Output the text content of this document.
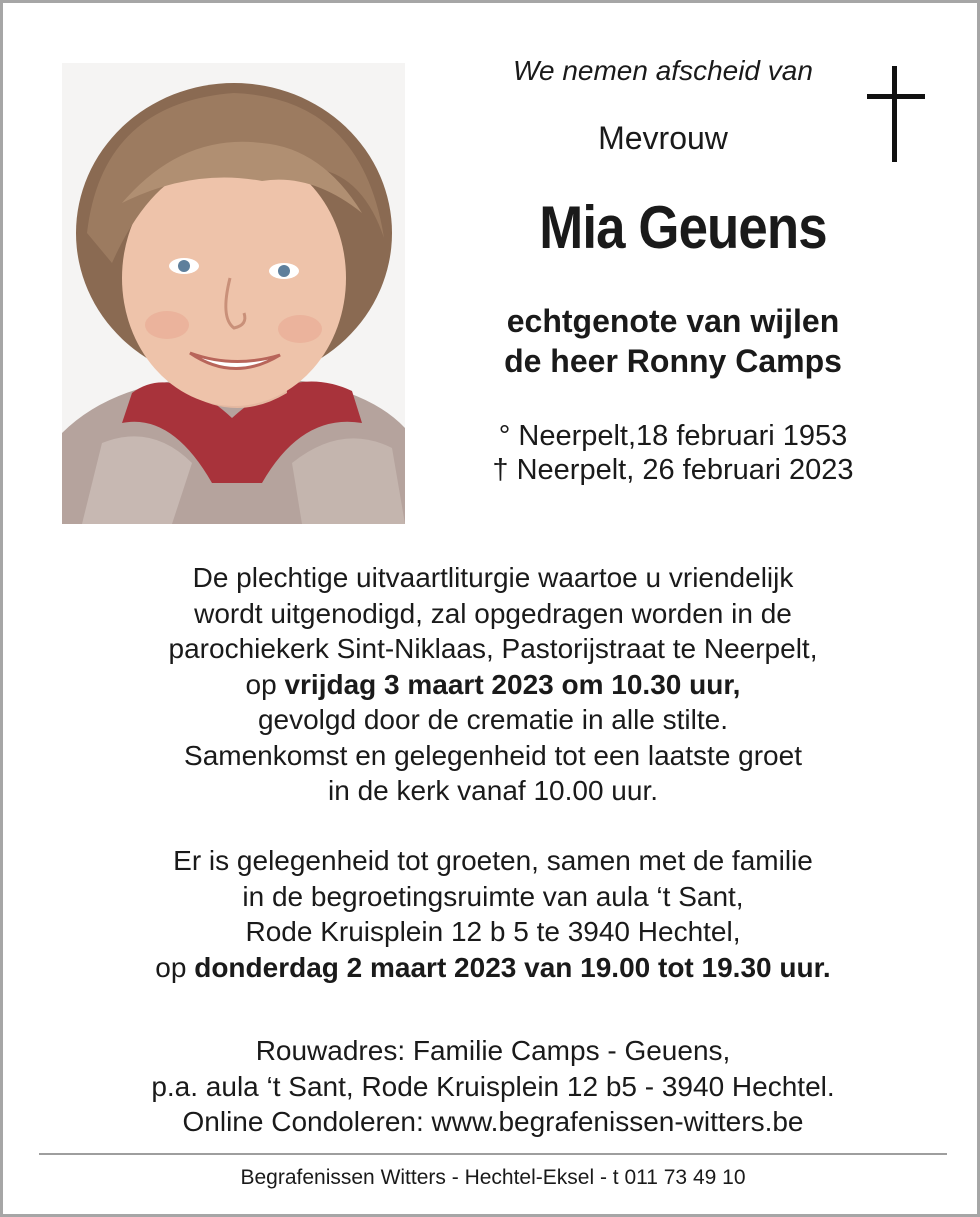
We nemen afscheid van
Mevrouw
Mia Geuens
echtgenote van wijlen
de heer Ronny Camps
° Neerpelt,18 februari 1953
† Neerpelt, 26 februari 2023
De plechtige uitvaartliturgie waartoe u vriendelijk
wordt uitgenodigd, zal opgedragen worden in de
parochiekerk Sint-Niklaas, Pastorijstraat te Neerpelt,
op vrijdag 3 maart 2023 om 10.30 uur,
gevolgd door de crematie in alle stilte.
Samenkomst en gelegenheid tot een laatste groet
in de kerk vanaf 10.00 uur.
Er is gelegenheid tot groeten, samen met de familie
in de begroetingsruimte van aula ‘t Sant,
Rode Kruisplein 12 b 5 te 3940 Hechtel,
op donderdag 2 maart 2023 van 19.00 tot 19.30 uur.
Rouwadres: Familie Camps - Geuens,
p.a. aula ‘t Sant, Rode Kruisplein 12 b5 - 3940 Hechtel.
Online Condoleren: www.begrafenissen-witters.be
Begrafenissen Witters - Hechtel-Eksel - t 011 73 49 10
